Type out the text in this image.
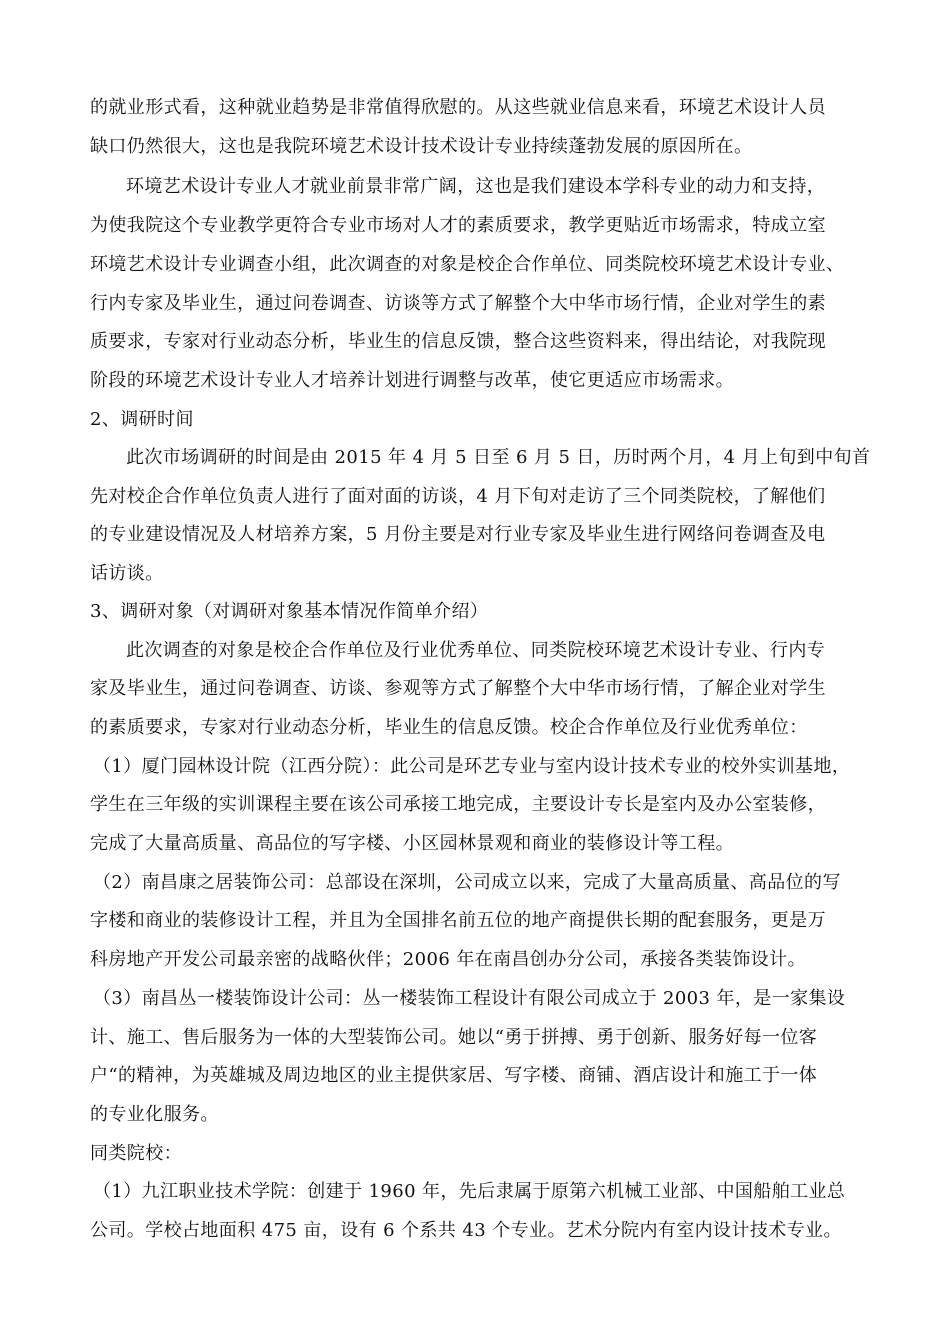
的就业形式看，这种就业趋势是非常值得欣慰的。从这些就业信息来看，环境艺术设计人员
缺口仍然很大，这也是我院环境艺术设计技术设计专业持续蓬勃发展的原因所在。
环境艺术设计专业人才就业前景非常广阔，这也是我们建设本学科专业的动力和支持，
为使我院这个专业教学更符合专业市场对人才的素质要求，教学更贴近市场需求，特成立室
环境艺术设计专业调查小组，此次调查的对象是校企合作单位、同类院校环境艺术设计专业、
行内专家及毕业生，通过问卷调查、访谈等方式了解整个大中华市场行情，企业对学生的素
质要求，专家对行业动态分析，毕业生的信息反馈，整合这些资料来，得出结论，对我院现
阶段的环境艺术设计专业人才培养计划进行调整与改革，使它更适应市场需求。
2、调研时间
此次市场调研的时间是由 2015 年 4 月 5 日至 6 月 5 日，历时两个月，4 月上旬到中旬首
先对校企合作单位负责人进行了面对面的访谈，4 月下旬对走访了三个同类院校，了解他们
的专业建设情况及人材培养方案，5 月份主要是对行业专家及毕业生进行网络问卷调查及电
话访谈。
3、调研对象（对调研对象基本情况作简单介绍）
此次调查的对象是校企合作单位及行业优秀单位、同类院校环境艺术设计专业、行内专
家及毕业生，通过问卷调查、访谈、参观等方式了解整个大中华市场行情，了解企业对学生
的素质要求，专家对行业动态分析，毕业生的信息反馈。校企合作单位及行业优秀单位：
（1）厦门园林设计院（江西分院）：此公司是环艺专业与室内设计技术专业的校外实训基地，
学生在三年级的实训课程主要在该公司承接工地完成，主要设计专长是室内及办公室装修，
完成了大量高质量、高品位的写字楼、小区园林景观和商业的装修设计等工程。
（2）南昌康之居装饰公司：总部设在深圳，公司成立以来，完成了大量高质量、高品位的写
字楼和商业的装修设计工程，并且为全国排名前五位的地产商提供长期的配套服务，更是万
科房地产开发公司最亲密的战略伙伴；2006 年在南昌创办分公司，承接各类装饰设计。
（3）南昌丛一楼装饰设计公司：丛一楼装饰工程设计有限公司成立于 2003 年，是一家集设
计、施工、售后服务为一体的大型装饰公司。她以“勇于拼搏、勇于创新、服务好每一位客
户“的精神，为英雄城及周边地区的业主提供家居、写字楼、商铺、酒店设计和施工于一体
的专业化服务。
同类院校：
（1）九江职业技术学院：创建于 1960 年，先后隶属于原第六机械工业部、中国船舶工业总
公司。学校占地面积 475 亩，设有 6 个系共 43 个专业。艺术分院内有室内设计技术专业。
